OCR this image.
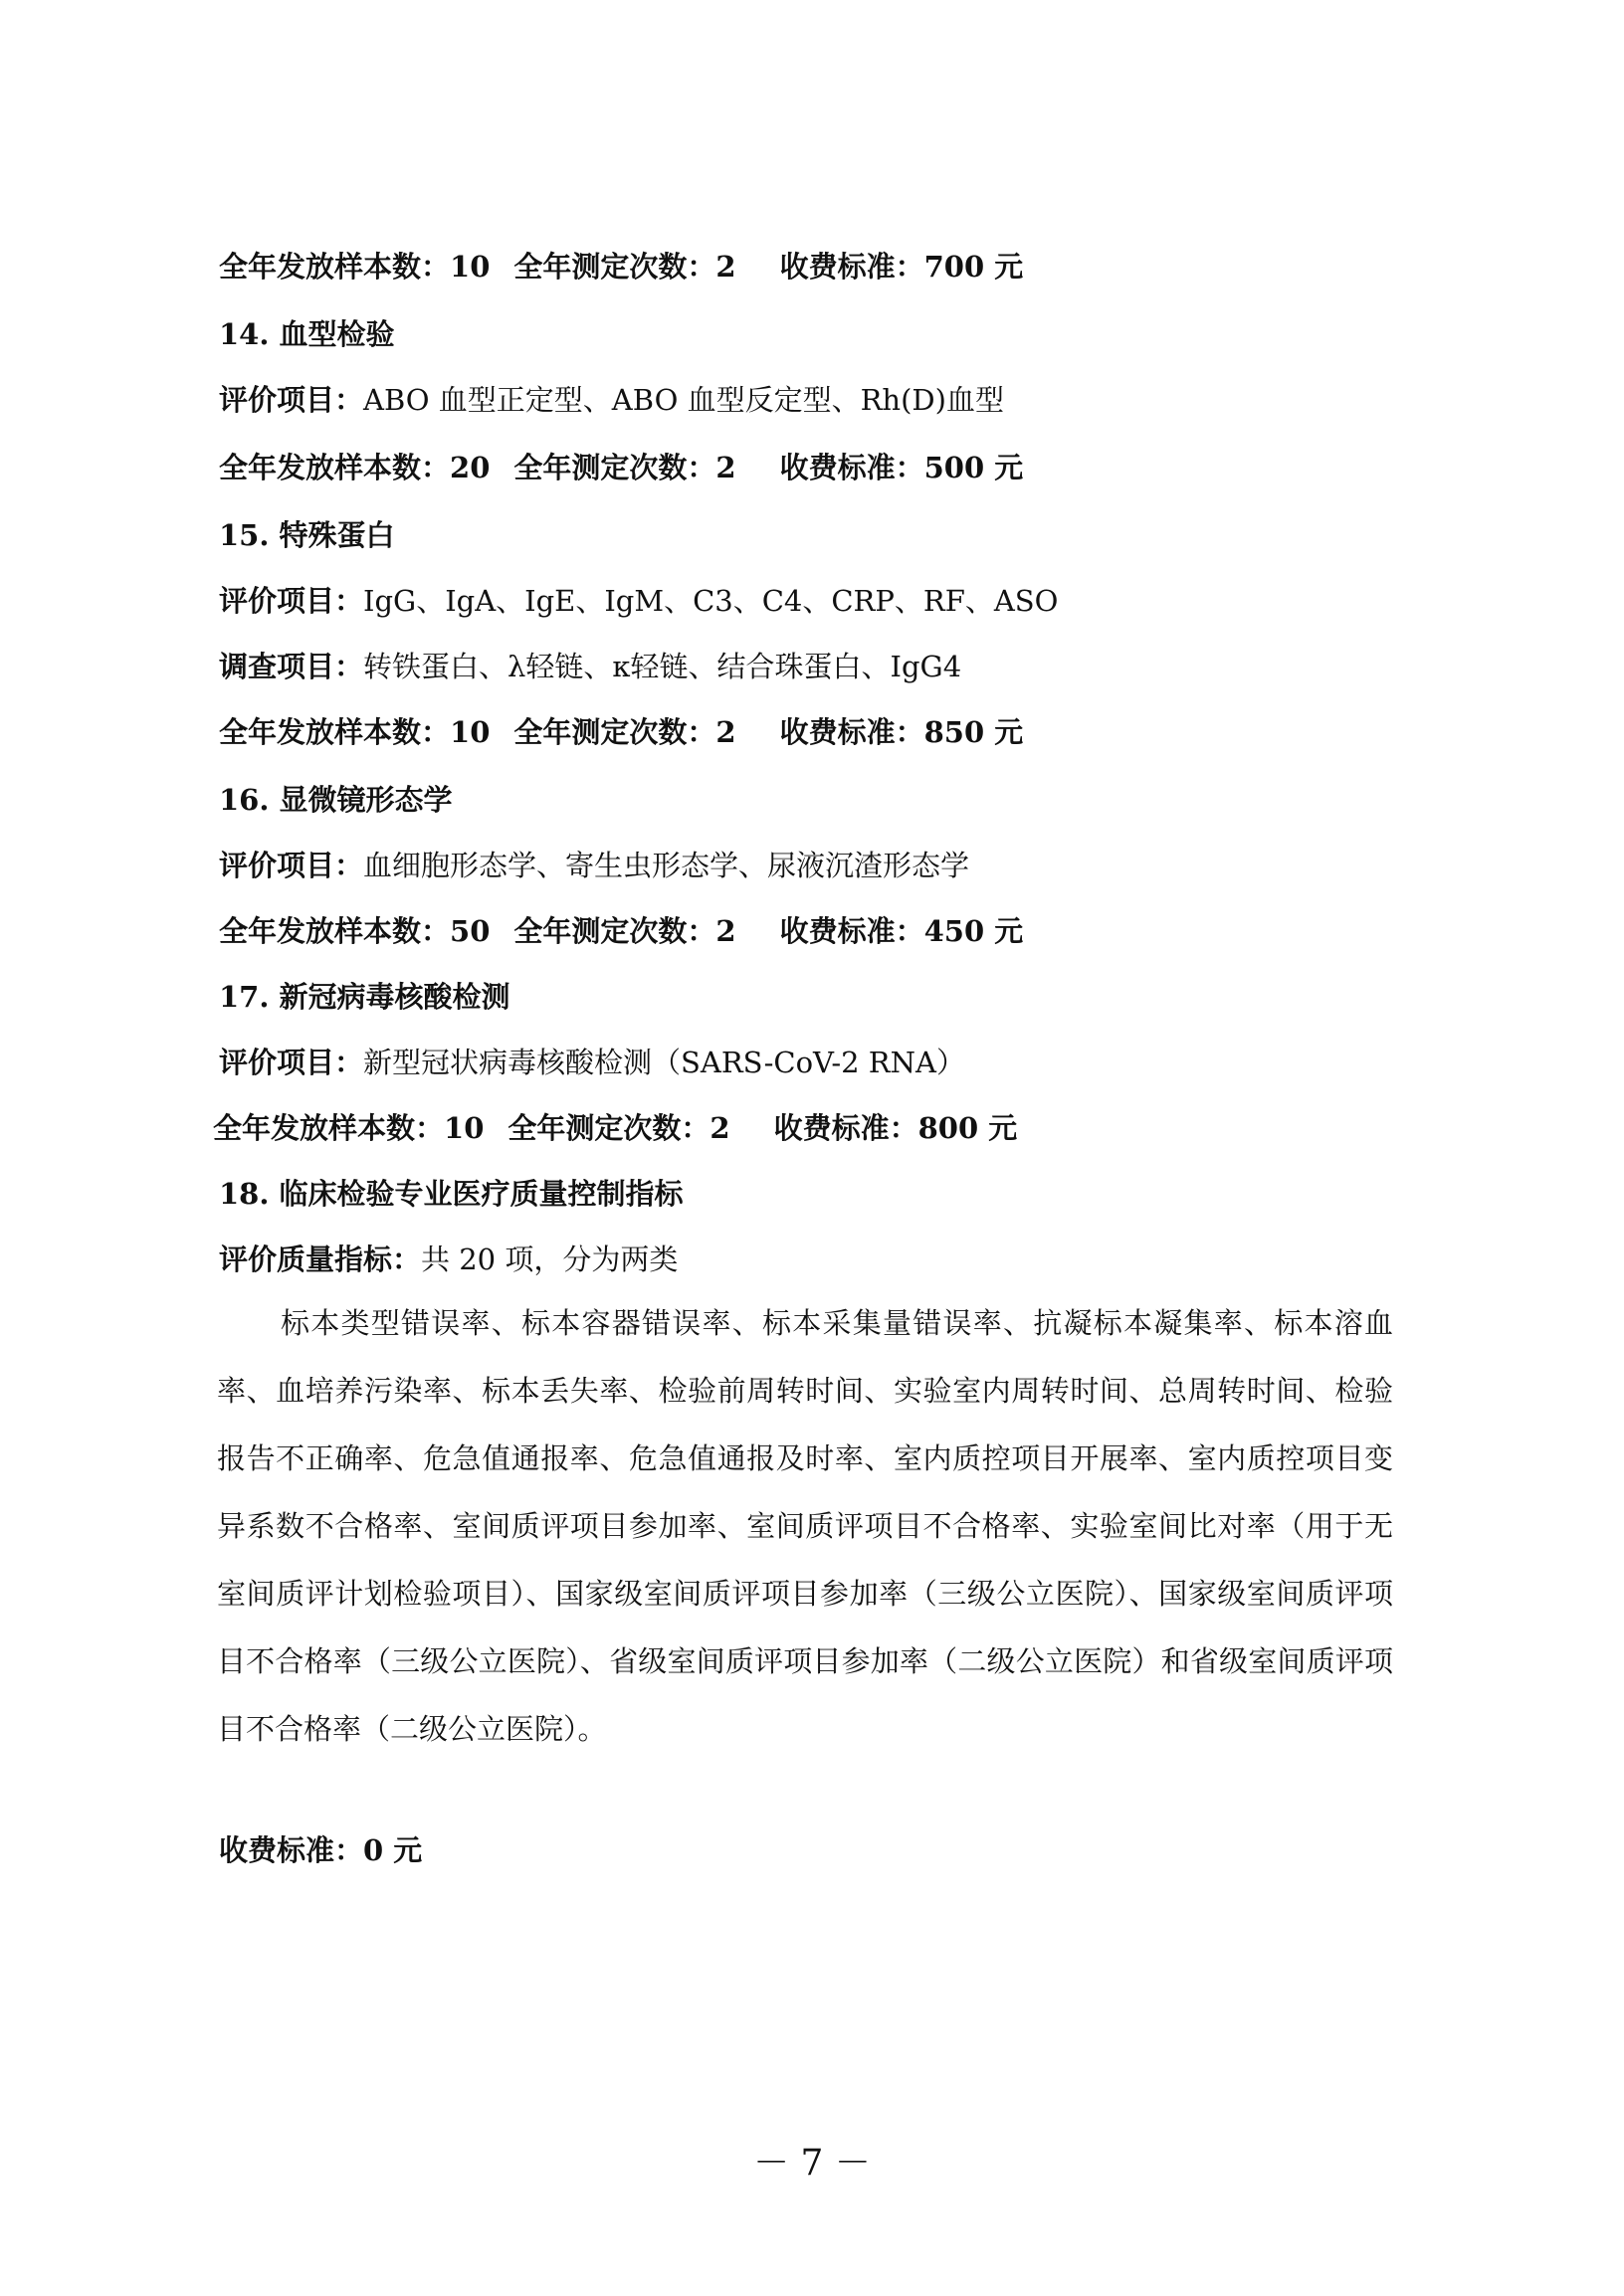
全年发放样本数：10 全年测定次数：2 收费标准：700 元
14. 血型检验
评价项目：ABO 血型正定型、ABO 血型反定型、Rh(D)血型
全年发放样本数：20 全年测定次数：2 收费标准：500 元
15. 特殊蛋白
评价项目：IgG、IgA、IgE、IgM、C3、C4、CRP、RF、ASO
调查项目：转铁蛋白、λ轻链、κ轻链、结合珠蛋白、IgG4
全年发放样本数：10 全年测定次数：2 收费标准：850 元
16. 显微镜形态学
评价项目：血细胞形态学、寄生虫形态学、尿液沉渣形态学
全年发放样本数：50 全年测定次数：2 收费标准：450 元
17. 新冠病毒核酸检测
评价项目：新型冠状病毒核酸检测（SARS-CoV-2 RNA）
全年发放样本数：10 全年测定次数：2 收费标准：800 元
18. 临床检验专业医疗质量控制指标
评价质量指标：共 20 项，分为两类
标本类型错误率、标本容器错误率、标本采集量错误率、抗凝标本凝集率、标本溶血率、血培养污染率、标本丢失率、检验前周转时间、实验室内周转时间、总周转时间、检验报告不正确率、危急值通报率、危急值通报及时率、室内质控项目开展率、室内质控项目变异系数不合格率、室间质评项目参加率、室间质评项目不合格率、实验室间比对率（用于无室间质评计划检验项目）、国家级室间质评项目参加率（三级公立医院）、国家级室间质评项目不合格率（三级公立医院）、省级室间质评项目参加率（二级公立医院）和省级室间质评项目不合格率（二级公立医院）。
收费标准：0 元
－ 7 －
